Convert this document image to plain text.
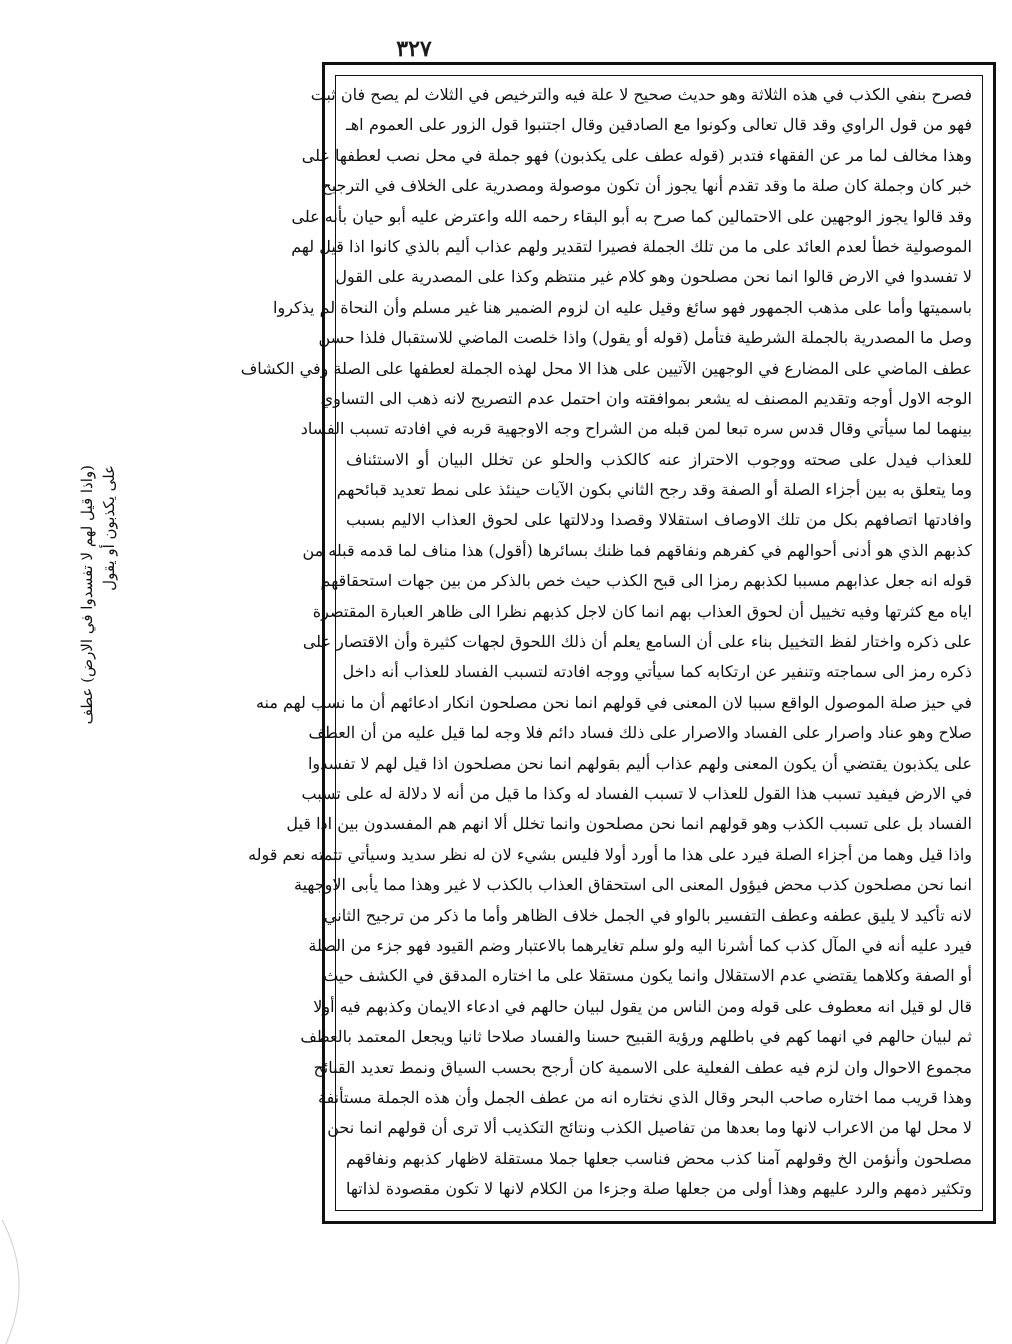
٣٢٧
فصرح بنفي الكذب في هذه الثلاثة وهو حديث صحيح لا علة فيه والترخيص في الثلاث لم يصح فان ثبت
فهو من قول الراوي وقد قال تعالى وكونوا مع الصادقين وقال اجتنبوا قول الزور على العموم اهـ
وهذا مخالف لما مر عن الفقهاء فتدبر (قوله عطف على يكذبون) فهو جملة في محل نصب لعطفها على
خبر كان وجملة كان صلة ما وقد تقدم أنها يجوز أن تكون موصولة ومصدرية على الخلاف في الترجيح
وقد قالوا يجوز الوجهين على الاحتمالين كما صرح به أبو البقاء رحمه الله واعترض عليه أبو حيان بأنه على
الموصولية خطأ لعدم العائد على ما من تلك الجملة فصيرا لتقدير ولهم عذاب أليم بالذي كانوا اذا قيل لهم
لا تفسدوا في الارض قالوا انما نحن مصلحون وهو كلام غير منتظم وكذا على المصدرية على القول
باسميتها وأما على مذهب الجمهور فهو سائغ وقيل عليه ان لزوم الضمير هنا غير مسلم وأن النحاة لم يذكروا
وصل ما المصدرية بالجملة الشرطية فتأمل (قوله أو يقول) واذا خلصت الماضي للاستقبال فلذا حسن
عطف الماضي على المضارع في الوجهين الآتيين على هذا الا محل لهذه الجملة لعطفها على الصلة وفي الكشاف
الوجه الاول أوجه وتقديم المصنف له يشعر بموافقته وان احتمل عدم التصريح لانه ذهب الى التساوي
بينهما لما سيأتي وقال قدس سره تبعا لمن قبله من الشراح وجه الاوجهية قربه في افادته تسبب الفساد
للعذاب فيدل على صحته ووجوب الاحتراز عنه كالكذب والحلو عن تخلل البيان أو الاستئناف
وما يتعلق به بين أجزاء الصلة أو الصفة وقد رجح الثاني بكون الآيات حينئذ على نمط تعديد قبائحهم
وافادتها اتصافهم بكل من تلك الاوصاف استقلالا وقصدا ودلالتها على لحوق العذاب الاليم بسبب
كذبهم الذي هو أدنى أحوالهم في كفرهم ونفاقهم فما ظنك بسائرها (أقول) هذا مناف لما قدمه قبله من
قوله انه جعل عذابهم مسببا لكذبهم رمزا الى قبح الكذب حيث خص بالذكر من بين جهات استحقاقهم
اياه مع كثرتها وفيه تخييل أن لحوق العذاب بهم انما كان لاجل كذبهم نظرا الى ظاهر العبارة المقتصرة
على ذكره واختار لفظ التخييل بناء على أن السامع يعلم أن ذلك اللحوق لجهات كثيرة وأن الاقتصار على
ذكره رمز الى سماجته وتنفير عن ارتكابه كما سيأتي ووجه افادته لتسبب الفساد للعذاب أنه داخل
في حيز صلة الموصول الواقع سببا لان المعنى في قولهم انما نحن مصلحون انكار ادعائهم أن ما نسب لهم منه
صلاح وهو عناد واصرار على الفساد والاصرار على ذلك فساد دائم فلا وجه لما قيل عليه من أن العطف
على يكذبون يقتضي أن يكون المعنى ولهم عذاب أليم بقولهم انما نحن مصلحون اذا قيل لهم لا تفسدوا
في الارض فيفيد تسبب هذا القول للعذاب لا تسبب الفساد له وكذا ما قيل من أنه لا دلالة له على تسبب
الفساد بل على تسبب الكذب وهو قولهم انما نحن مصلحون وانما تخلل ألا انهم هم المفسدون بين اذا قيل
واذا قيل وهما من أجزاء الصلة فيرد على هذا ما أورد أولا فليس بشيء لان له نظر سديد وسيأتي تتمته نعم قوله
انما نحن مصلحون كذب محض فيؤول المعنى الى استحقاق العذاب بالكذب لا غير وهذا مما يأبى الاوجهية
لانه تأكيد لا يليق عطفه وعطف التفسير بالواو في الجمل خلاف الظاهر وأما ما ذكر من ترجيح الثاني
فيرد عليه أنه في المآل كذب كما أشرنا اليه ولو سلم تغايرهما بالاعتبار وضم القيود فهو جزء من الصلة
أو الصفة وكلاهما يقتضي عدم الاستقلال وانما يكون مستقلا على ما اختاره المدقق في الكشف حيث
قال لو قيل انه معطوف على قوله ومن الناس من يقول لبيان حالهم في ادعاء الايمان وكذبهم فيه أولا
ثم لبيان حالهم في انهما كهم في باطلهم ورؤية القبيح حسنا والفساد صلاحا ثانيا ويجعل المعتمد بالعطف
مجموع الاحوال وان لزم فيه عطف الفعلية على الاسمية كان أرجح بحسب السياق ونمط تعديد القبائح
وهذا قريب مما اختاره صاحب البحر وقال الذي نختاره انه من عطف الجمل وأن هذه الجملة مستأنفة
لا محل لها من الاعراب لانها وما بعدها من تفاصيل الكذب ونتائج التكذيب ألا ترى أن قولهم انما نحن
مصلحون وأنؤمن الخ وقولهم آمنا كذب محض فناسب جعلها جملا مستقلة لاظهار كذبهم ونفاقهم
وتكثير ذمهم والرد عليهم وهذا أولى من جعلها صلة وجزءا من الكلام لانها لا تكون مقصودة لذاتها
(واذا قيل لهم لا تفسدوا في الارض) عطف على يكذبون أو يقول
